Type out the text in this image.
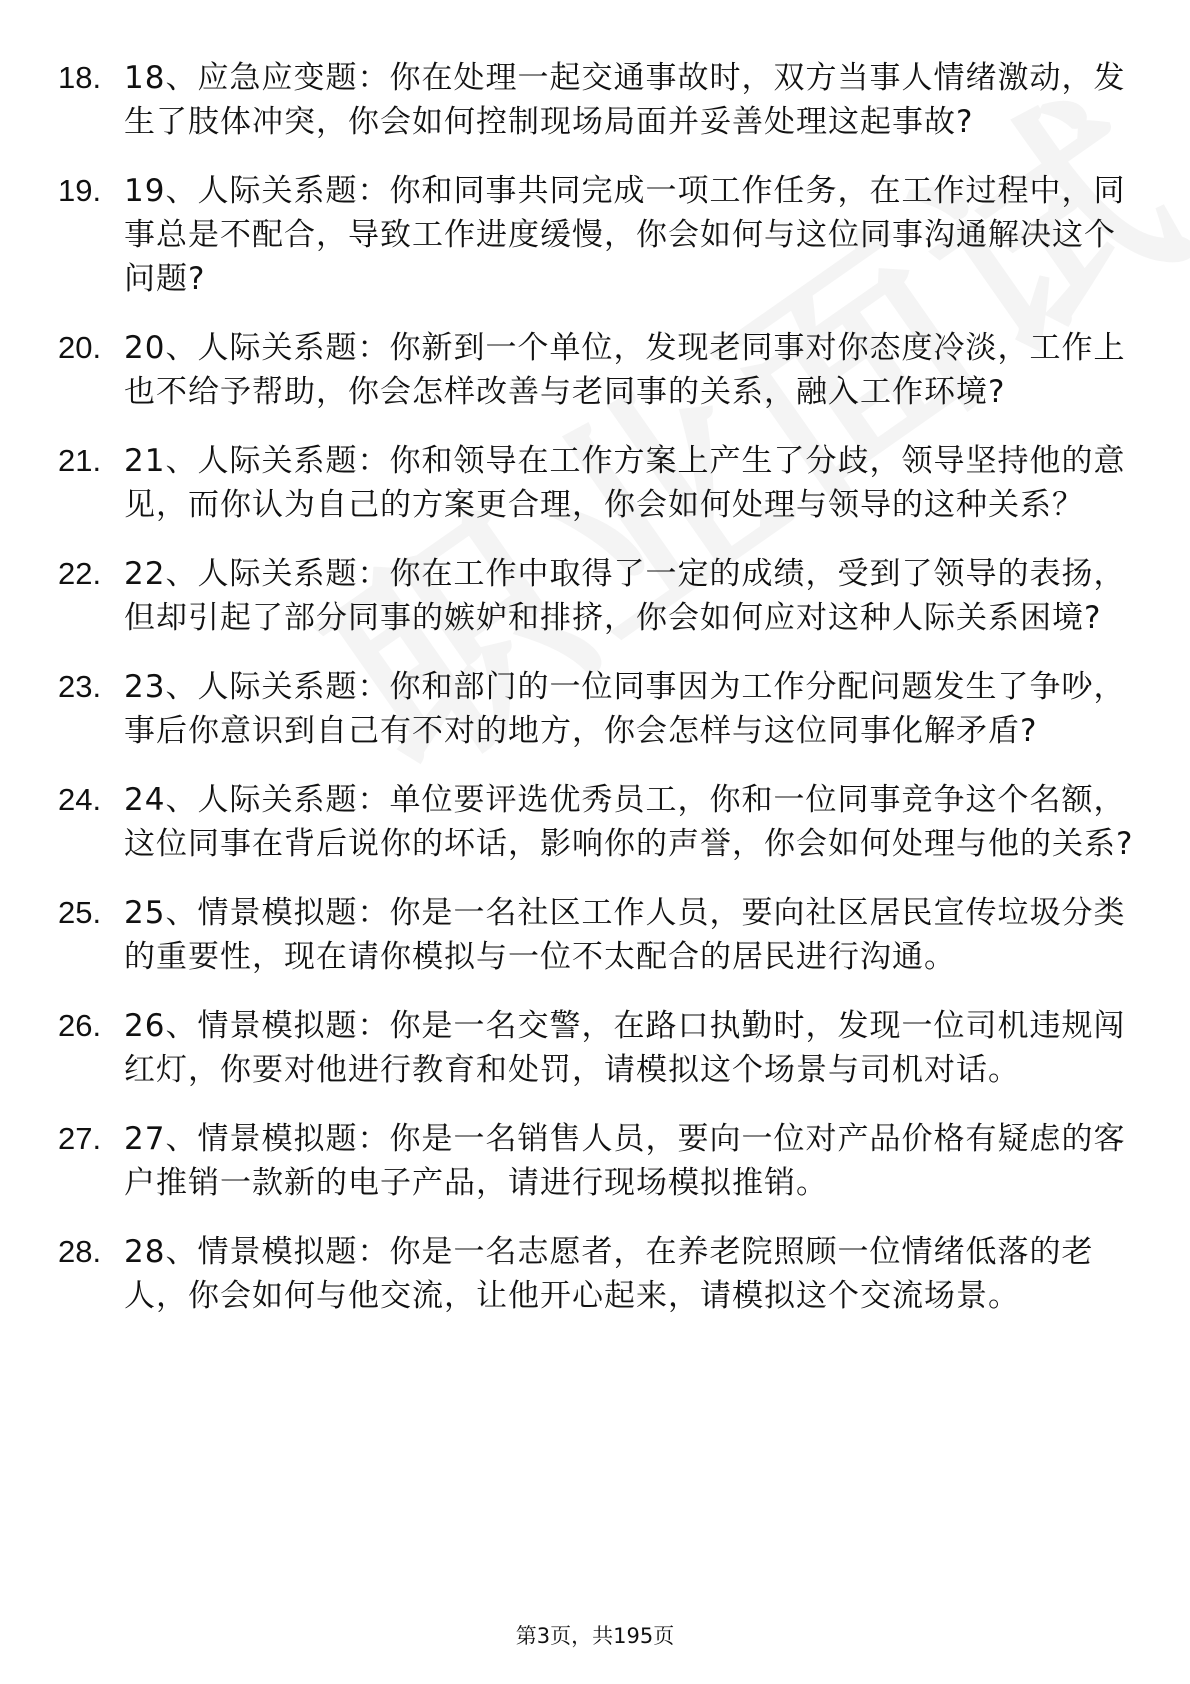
18. 18、应急应变题：你在处理一起交通事故时，双方当事人情绪激动，发生了肢体冲突，你会如何控制现场局面并妥善处理这起事故?
19. 19、人际关系题：你和同事共同完成一项工作任务，在工作过程中，同事总是不配合，导致工作进度缓慢，你会如何与这位同事沟通解决这个问题?
20. 20、人际关系题：你新到一个单位，发现老同事对你态度冷淡，工作上也不给予帮助，你会怎样改善与老同事的关系，融入工作环境?
21. 21、人际关系题：你和领导在工作方案上产生了分歧，领导坚持他的意见，而你认为自己的方案更合理，你会如何处理与领导的这种关系？
22. 22、人际关系题：你在工作中取得了一定的成绩，受到了领导的表扬，但却引起了部分同事的嫉妒和排挤，你会如何应对这种人际关系困境?
23. 23、人际关系题：你和部门的一位同事因为工作分配问题发生了争吵，事后你意识到自己有不对的地方，你会怎样与这位同事化解矛盾?
24. 24、人际关系题：单位要评选优秀员工，你和一位同事竞争这个名额，这位同事在背后说你的坏话，影响你的声誉，你会如何处理与他的关系?
25. 25、情景模拟题：你是一名社区工作人员，要向社区居民宣传垃圾分类的重要性，现在请你模拟与一位不太配合的居民进行沟通。
26. 26、情景模拟题：你是一名交警，在路口执勤时，发现一位司机违规闯红灯，你要对他进行教育和处罚，请模拟这个场景与司机对话。
27. 27、情景模拟题：你是一名销售人员，要向一位对产品价格有疑虑的客户推销一款新的电子产品，请进行现场模拟推销。
28. 28、情景模拟题：你是一名志愿者，在养老院照顾一位情绪低落的老人，你会如何与他交流，让他开心起来，请模拟这个交流场景。
第3页，共195页
